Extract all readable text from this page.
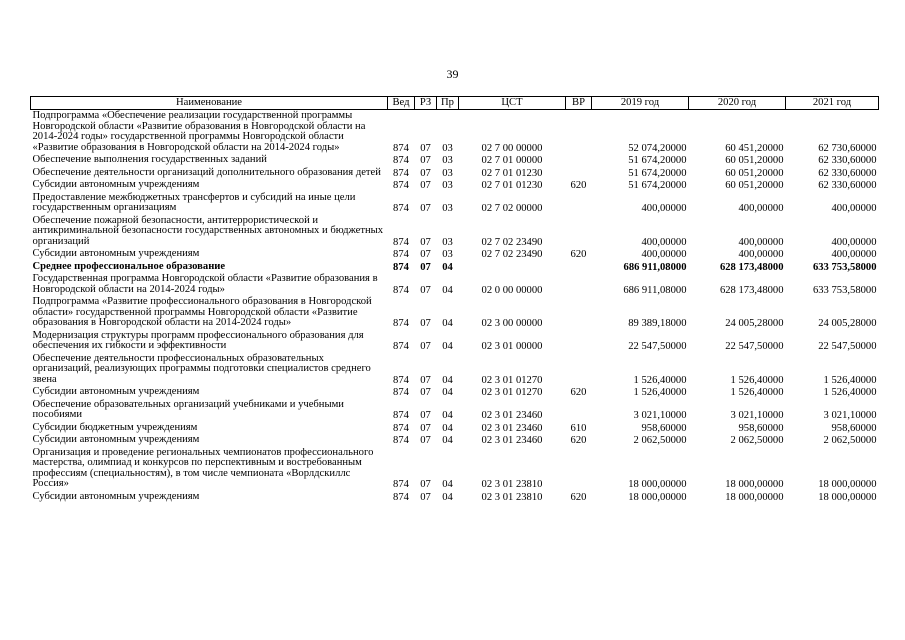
39
Наименование	Вед	РЗ	Пр	ЦСТ	ВР	2019 год	2020 год	2021 год
Подпрограмма «Обеспечение реализации государственной программы Новгородской области «Развитие образования в Новгородской области на 2014-2024 годы» государственной программы Новгородской области «Развитие образования в Новгородской области на 2014-2024 годы»	874	07	03	02 7 00 00000		52 074,20000	60 451,20000	62 730,60000
Обеспечение выполнения государственных заданий	874	07	03	02 7 01 00000		51 674,20000	60 051,20000	62 330,60000
Обеспечение деятельности организаций дополнительного образования детей	874	07	03	02 7 01 01230		51 674,20000	60 051,20000	62 330,60000
Субсидии автономным учреждениям	874	07	03	02 7 01 01230	620	51 674,20000	60 051,20000	62 330,60000
Предоставление межбюджетных трансфертов и субсидий на иные цели государственным организациям	874	07	03	02 7 02 00000		400,00000	400,00000	400,00000
Обеспечение пожарной безопасности, антитеррористической и антикриминальной безопасности государственных автономных и бюджетных организаций	874	07	03	02 7 02 23490		400,00000	400,00000	400,00000
Субсидии автономным учреждениям	874	07	03	02 7 02 23490	620	400,00000	400,00000	400,00000
Среднее профессиональное образование	874	07	04			686 911,08000	628 173,48000	633 753,58000
Государственная программа Новгородской области «Развитие образования в Новгородской области на 2014-2024 годы»	874	07	04	02 0 00 00000		686 911,08000	628 173,48000	633 753,58000
Подпрограмма «Развитие профессионального образования в Новгородской области» государственной программы Новгородской области «Развитие образования в Новгородской области на 2014-2024 годы»	874	07	04	02 3 00 00000		89 389,18000	24 005,28000	24 005,28000
Модернизация структуры программ профессионального образования для обеспечения их гибкости и эффективности	874	07	04	02 3 01 00000		22 547,50000	22 547,50000	22 547,50000
Обеспечение деятельности профессиональных образовательных организаций, реализующих программы подготовки специалистов среднего звена	874	07	04	02 3 01 01270		1 526,40000	1 526,40000	1 526,40000
Субсидии автономным учреждениям	874	07	04	02 3 01 01270	620	1 526,40000	1 526,40000	1 526,40000
Обеспечение образовательных организаций учебниками и учебными пособиями	874	07	04	02 3 01 23460		3 021,10000	3 021,10000	3 021,10000
Субсидии бюджетным учреждениям	874	07	04	02 3 01 23460	610	958,60000	958,60000	958,60000
Субсидии автономным учреждениям	874	07	04	02 3 01 23460	620	2 062,50000	2 062,50000	2 062,50000
Организация и проведение региональных чемпионатов профессионального мастерства, олимпиад и конкурсов по перспективным и востребованным профессиям (специальностям), в том числе чемпионата «Ворлдскиллс Россия»	874	07	04	02 3 01 23810		18 000,00000	18 000,00000	18 000,00000
Субсидии автономным учреждениям	874	07	04	02 3 01 23810	620	18 000,00000	18 000,00000	18 000,00000
